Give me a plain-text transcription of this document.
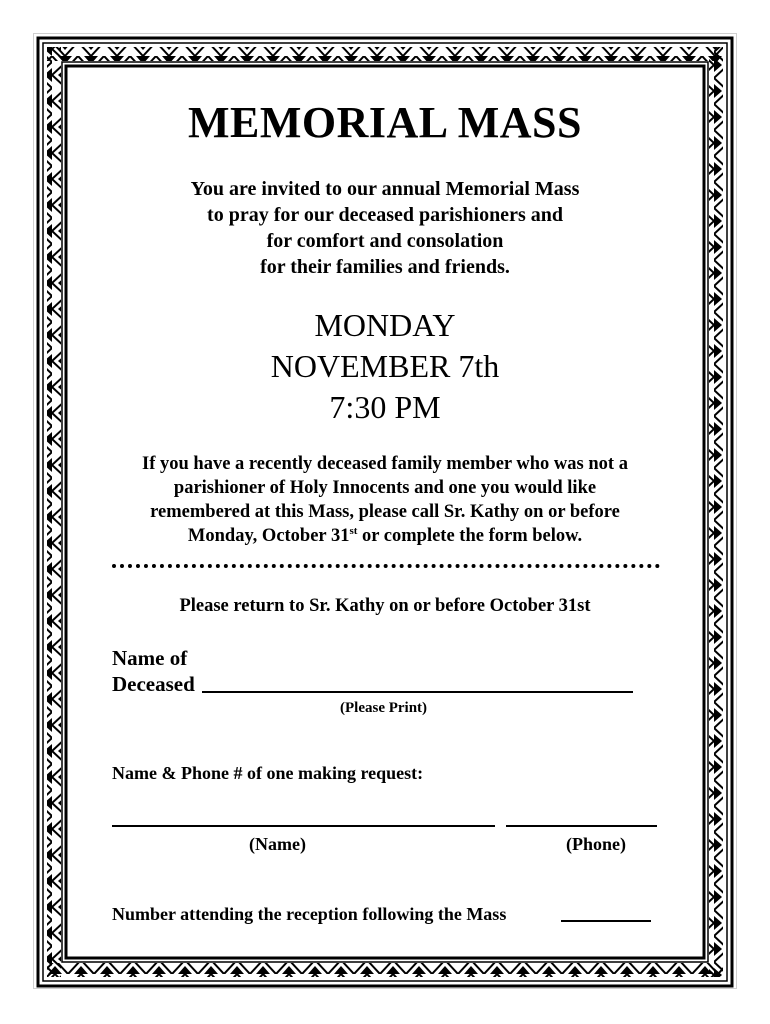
MEMORIAL MASS
You are invited to our annual Memorial Mass
to pray for our deceased parishioners and
for comfort and consolation
for their families and friends.
MONDAY
NOVEMBER 7th
7:30 PM
If you have a recently deceased family member who was not a
parishioner of Holy Innocents and one you would like
remembered at this Mass, please call Sr. Kathy on or before
Monday, October 31st or complete the form below.
Please return to Sr. Kathy on or before October 31st
Name of
Deceased
(Please Print)
Name & Phone # of one making request:
(Name)	(Phone)
Number attending the reception following the Mass
